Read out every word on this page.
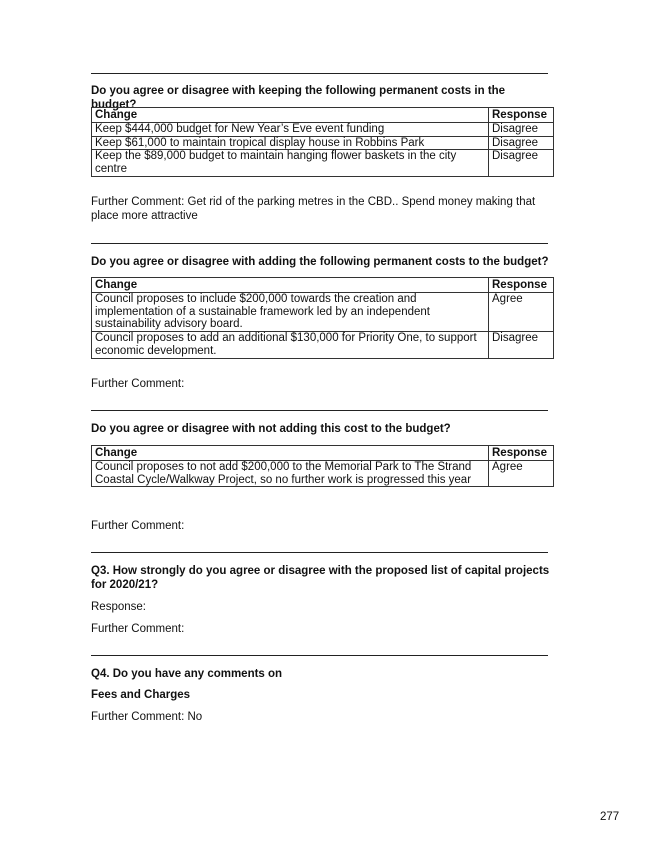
Do you agree or disagree with keeping the following permanent costs in the budget?
Change	Response
Keep $444,000 budget for New Year’s Eve event funding	Disagree
Keep $61,000 to maintain tropical display house in Robbins Park	Disagree
Keep the $89,000 budget to maintain hanging flower baskets in the city centre	Disagree
Further Comment: Get rid of the parking metres in the CBD.. Spend money making that place more attractive
Do you agree or disagree with adding the following permanent costs to the budget?
Change	Response
Council proposes to include $200,000 towards the creation and implementation of a sustainable framework led by an independent sustainability advisory board.	Agree
Council proposes to add an additional $130,000 for Priority One, to support economic development.	Disagree
Further Comment:
Do you agree or disagree with not adding this cost to the budget?
Change	Response
Council proposes to not add $200,000 to the Memorial Park to The Strand Coastal Cycle/Walkway Project, so no further work is progressed this year	Agree
Further Comment:
Q3. How strongly do you agree or disagree with the proposed list of capital projects for 2020/21?
Response:
Further Comment:
Q4. Do you have any comments on
Fees and Charges
Further Comment: No
277
